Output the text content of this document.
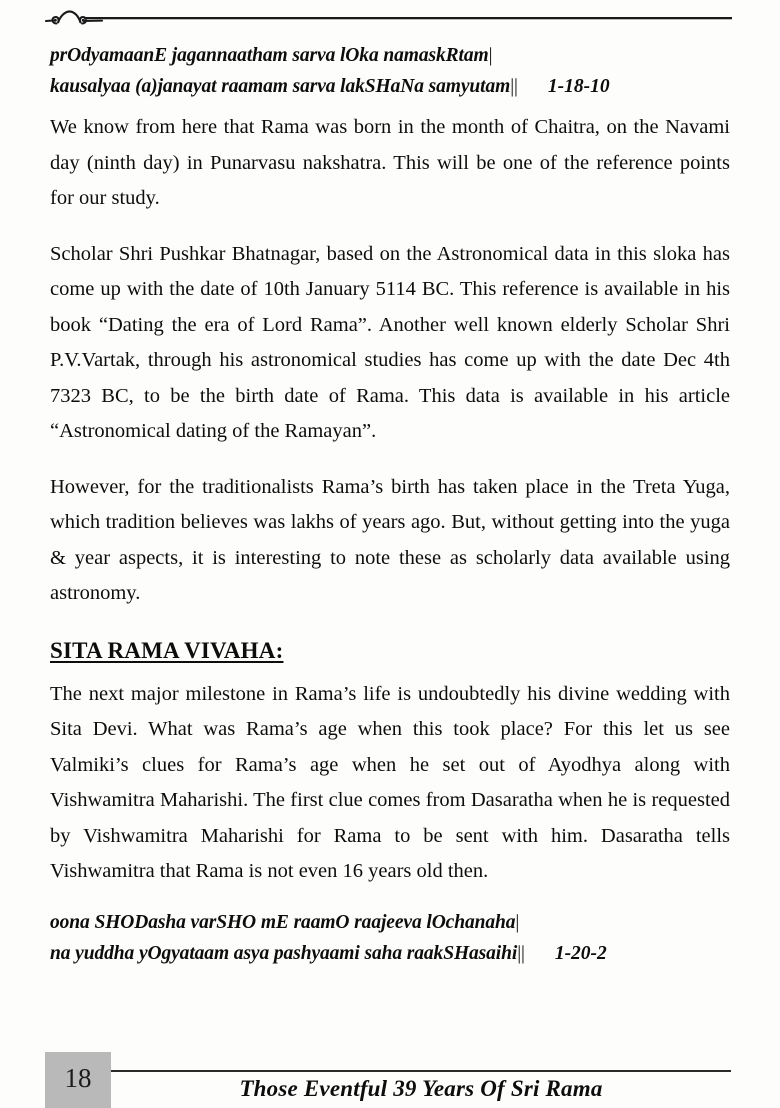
prOdyamaanE jagannaatham sarva lOka namaskRtam|
kausalyaa (a)janayat raamam sarva lakSHaNa samyutam|| 1-18-10

We know from here that Rama was born in the month of Chaitra, on the Navami day (ninth day) in Punarvasu nakshatra. This will be one of the reference points for our study.

Scholar Shri Pushkar Bhatnagar, based on the Astronomical data in this sloka has come up with the date of 10th January 5114 BC. This reference is available in his book “Dating the era of Lord Rama”. Another well known elderly Scholar Shri P.V.Vartak, through his astronomical studies has come up with the date Dec 4th 7323 BC, to be the birth date of Rama. This data is available in his article “Astronomical dating of the Ramayan”.

However, for the traditionalists Rama’s birth has taken place in the Treta Yuga, which tradition believes was lakhs of years ago. But, without getting into the yuga & year aspects, it is interesting to note these as scholarly data available using astronomy.

SITA RAMA VIVAHA:

The next major milestone in Rama’s life is undoubtedly his divine wedding with Sita Devi. What was Rama’s age when this took place? For this let us see Valmiki’s clues for Rama’s age when he set out of Ayodhya along with Vishwamitra Maharishi. The first clue comes from Dasaratha when he is requested by Vishwamitra Maharishi for Rama to be sent with him. Dasaratha tells Vishwamitra that Rama is not even 16 years old then.

oona SHODasha varSHO mE raamO raajeeva lOchanaha|
na yuddha yOgyataam asya pashyaami saha raakSHasaihi|| 1-20-2
18	Those Eventful 39 Years Of Sri Rama
